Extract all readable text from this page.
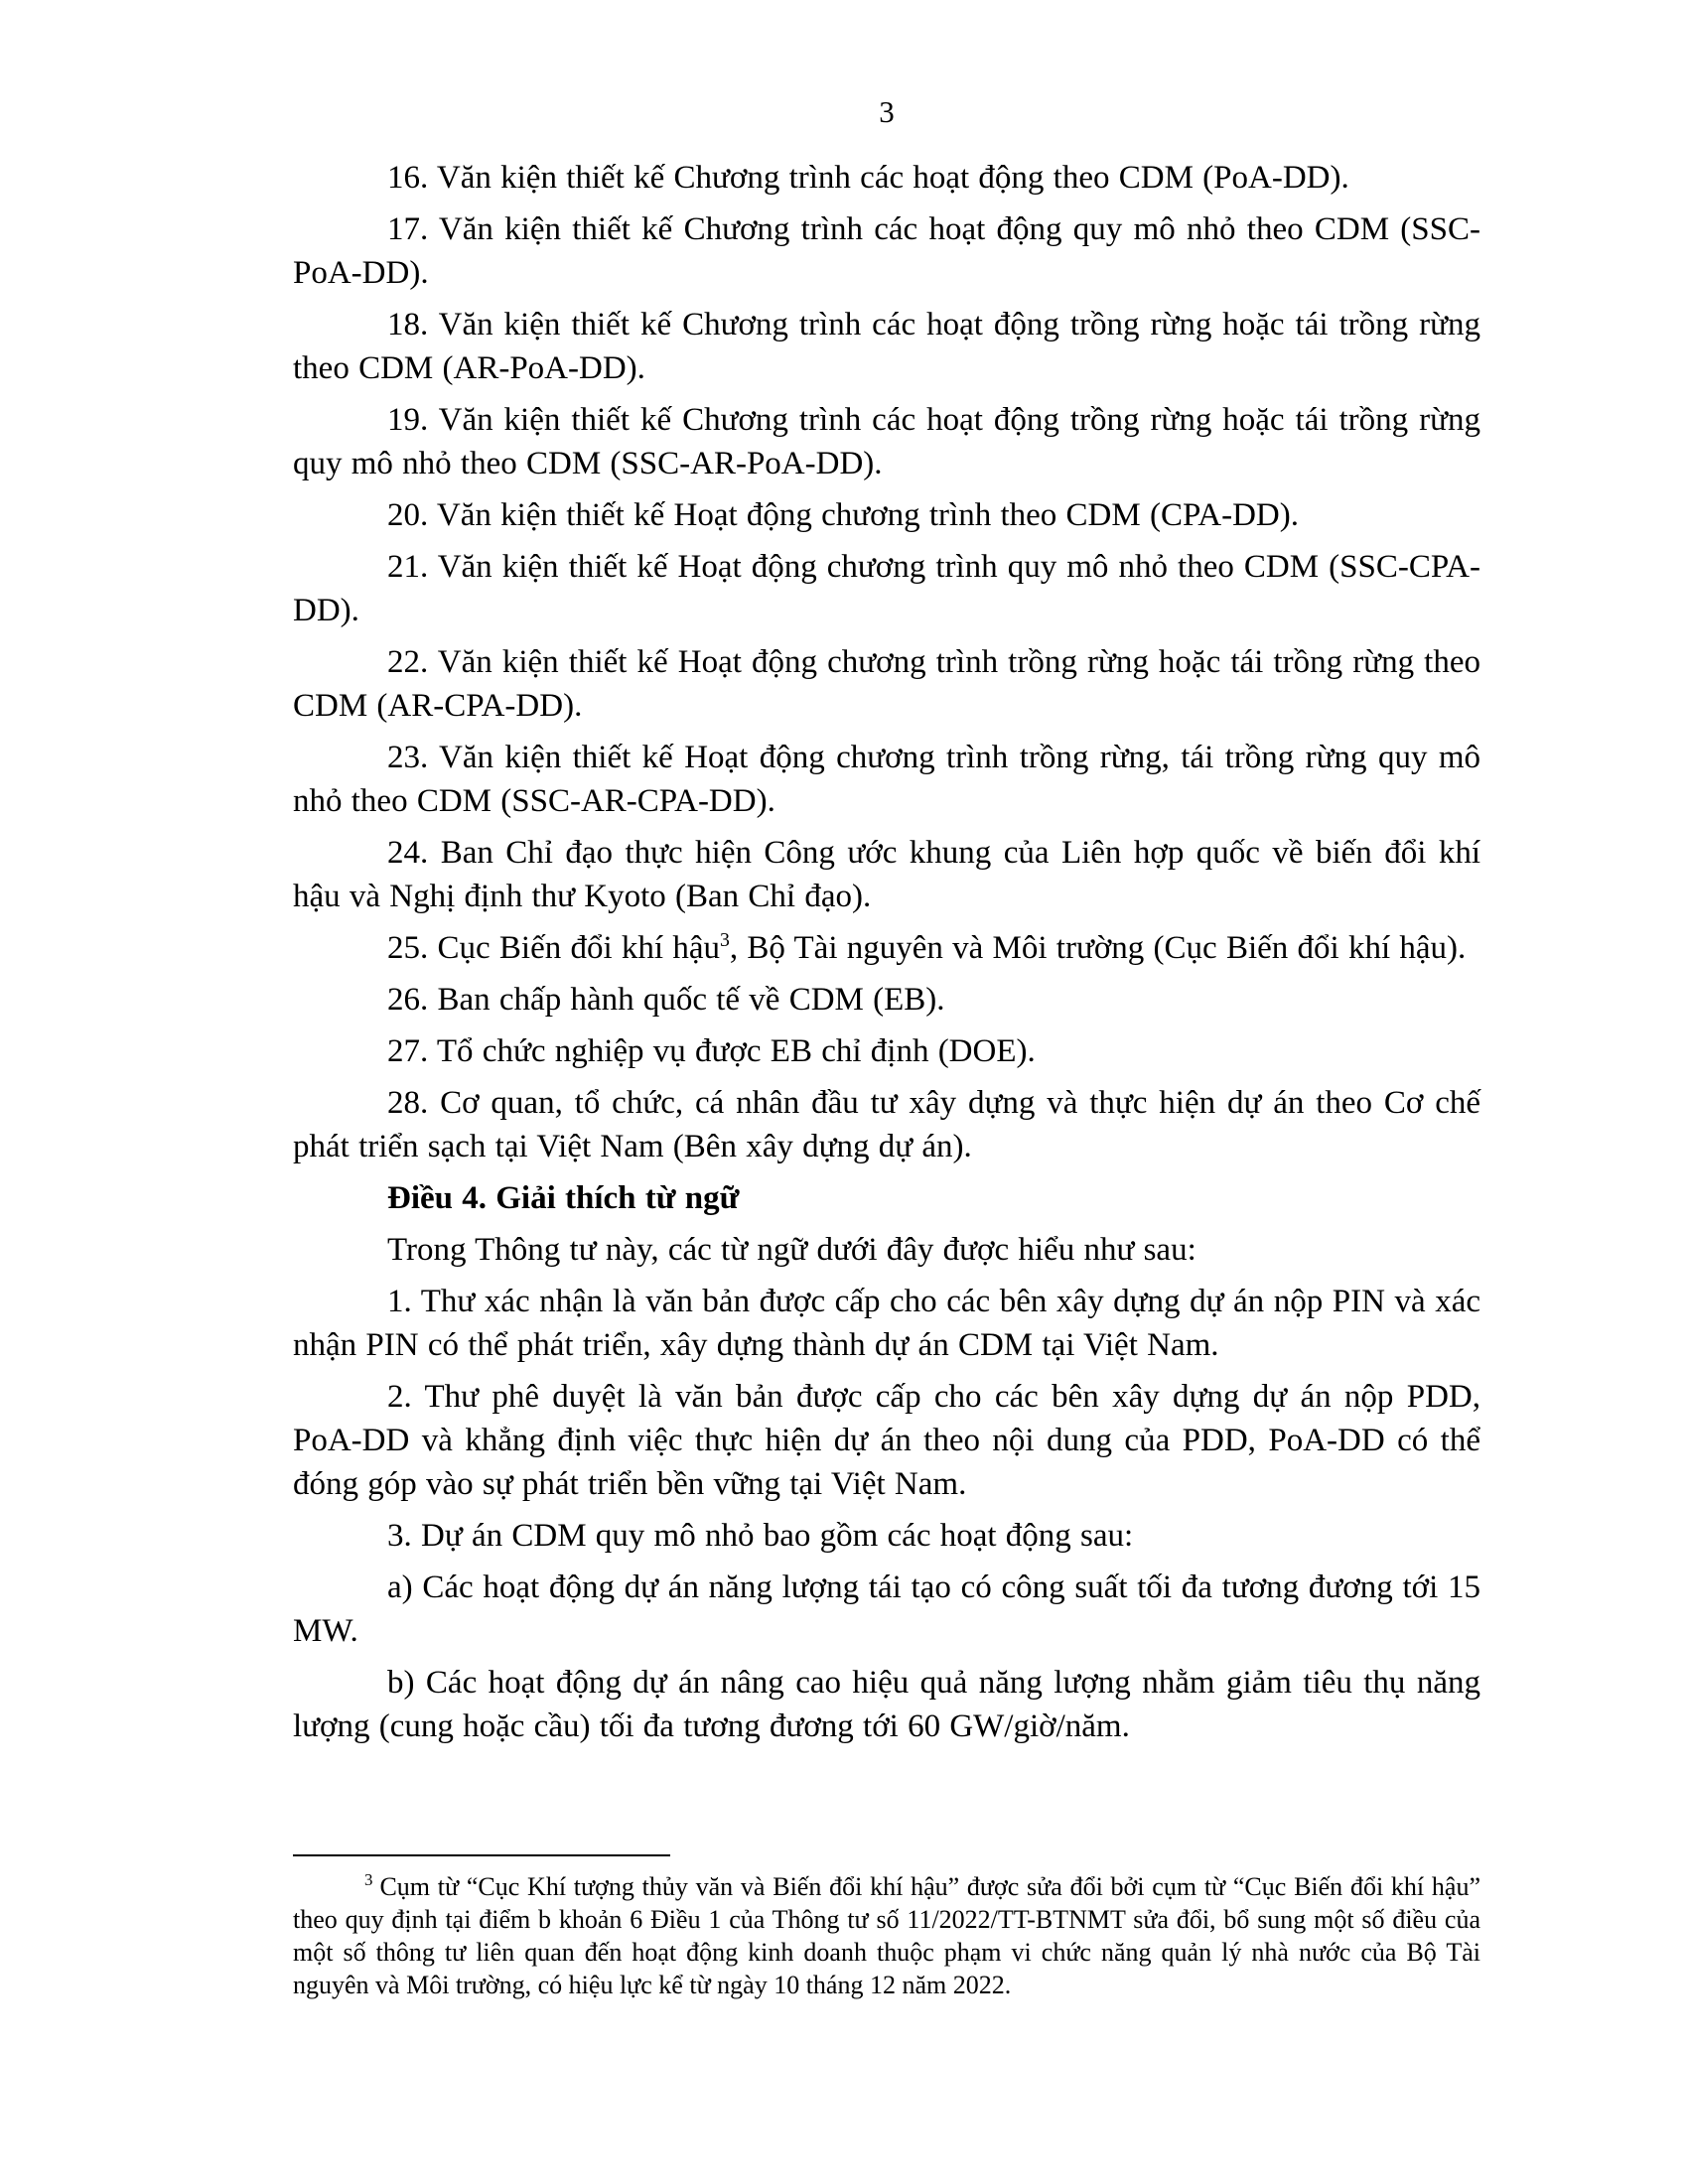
3

16. Văn kiện thiết kế Chương trình các hoạt động theo CDM (PoA-DD).

17. Văn kiện thiết kế Chương trình các hoạt động quy mô nhỏ theo CDM (SSC-PoA-DD).

18. Văn kiện thiết kế Chương trình các hoạt động trồng rừng hoặc tái trồng rừng theo CDM (AR-PoA-DD).

19. Văn kiện thiết kế Chương trình các hoạt động trồng rừng hoặc tái trồng rừng quy mô nhỏ theo CDM (SSC-AR-PoA-DD).

20. Văn kiện thiết kế Hoạt động chương trình theo CDM (CPA-DD).

21. Văn kiện thiết kế Hoạt động chương trình quy mô nhỏ theo CDM (SSC-CPA-DD).

22. Văn kiện thiết kế Hoạt động chương trình trồng rừng hoặc tái trồng rừng theo CDM (AR-CPA-DD).

23. Văn kiện thiết kế Hoạt động chương trình trồng rừng, tái trồng rừng quy mô nhỏ theo CDM (SSC-AR-CPA-DD).

24. Ban Chỉ đạo thực hiện Công ước khung của Liên hợp quốc về biến đổi khí hậu và Nghị định thư Kyoto (Ban Chỉ đạo).

25. Cục Biến đổi khí hậu$^3$, Bộ Tài nguyên và Môi trường (Cục Biến đổi khí hậu).

26. Ban chấp hành quốc tế về CDM (EB).

27. Tổ chức nghiệp vụ được EB chỉ định (DOE).

28. Cơ quan, tổ chức, cá nhân đầu tư xây dựng và thực hiện dự án theo Cơ chế phát triển sạch tại Việt Nam (Bên xây dựng dự án).

Điều 4. Giải thích từ ngữ

Trong Thông tư này, các từ ngữ dưới đây được hiểu như sau:

1. Thư xác nhận là văn bản được cấp cho các bên xây dựng dự án nộp PIN và xác nhận PIN có thể phát triển, xây dựng thành dự án CDM tại Việt Nam.

2. Thư phê duyệt là văn bản được cấp cho các bên xây dựng dự án nộp PDD, PoA-DD và khẳng định việc thực hiện dự án theo nội dung của PDD, PoA-DD có thể đóng góp vào sự phát triển bền vững tại Việt Nam.

3. Dự án CDM quy mô nhỏ bao gồm các hoạt động sau:

a) Các hoạt động dự án năng lượng tái tạo có công suất tối đa tương đương tới 15 MW.

b) Các hoạt động dự án nâng cao hiệu quả năng lượng nhằm giảm tiêu thụ năng lượng (cung hoặc cầu) tối đa tương đương tới 60 GW/giờ/năm.

$^3$ Cụm từ “Cục Khí tượng thủy văn và Biến đổi khí hậu” được sửa đổi bởi cụm từ “Cục Biến đổi khí hậu” theo quy định tại điểm b khoản 6 Điều 1 của Thông tư số 11/2022/TT-BTNMT sửa đổi, bổ sung một số điều của một số thông tư liên quan đến hoạt động kinh doanh thuộc phạm vi chức năng quản lý nhà nước của Bộ Tài nguyên và Môi trường, có hiệu lực kể từ ngày 10 tháng 12 năm 2022.
